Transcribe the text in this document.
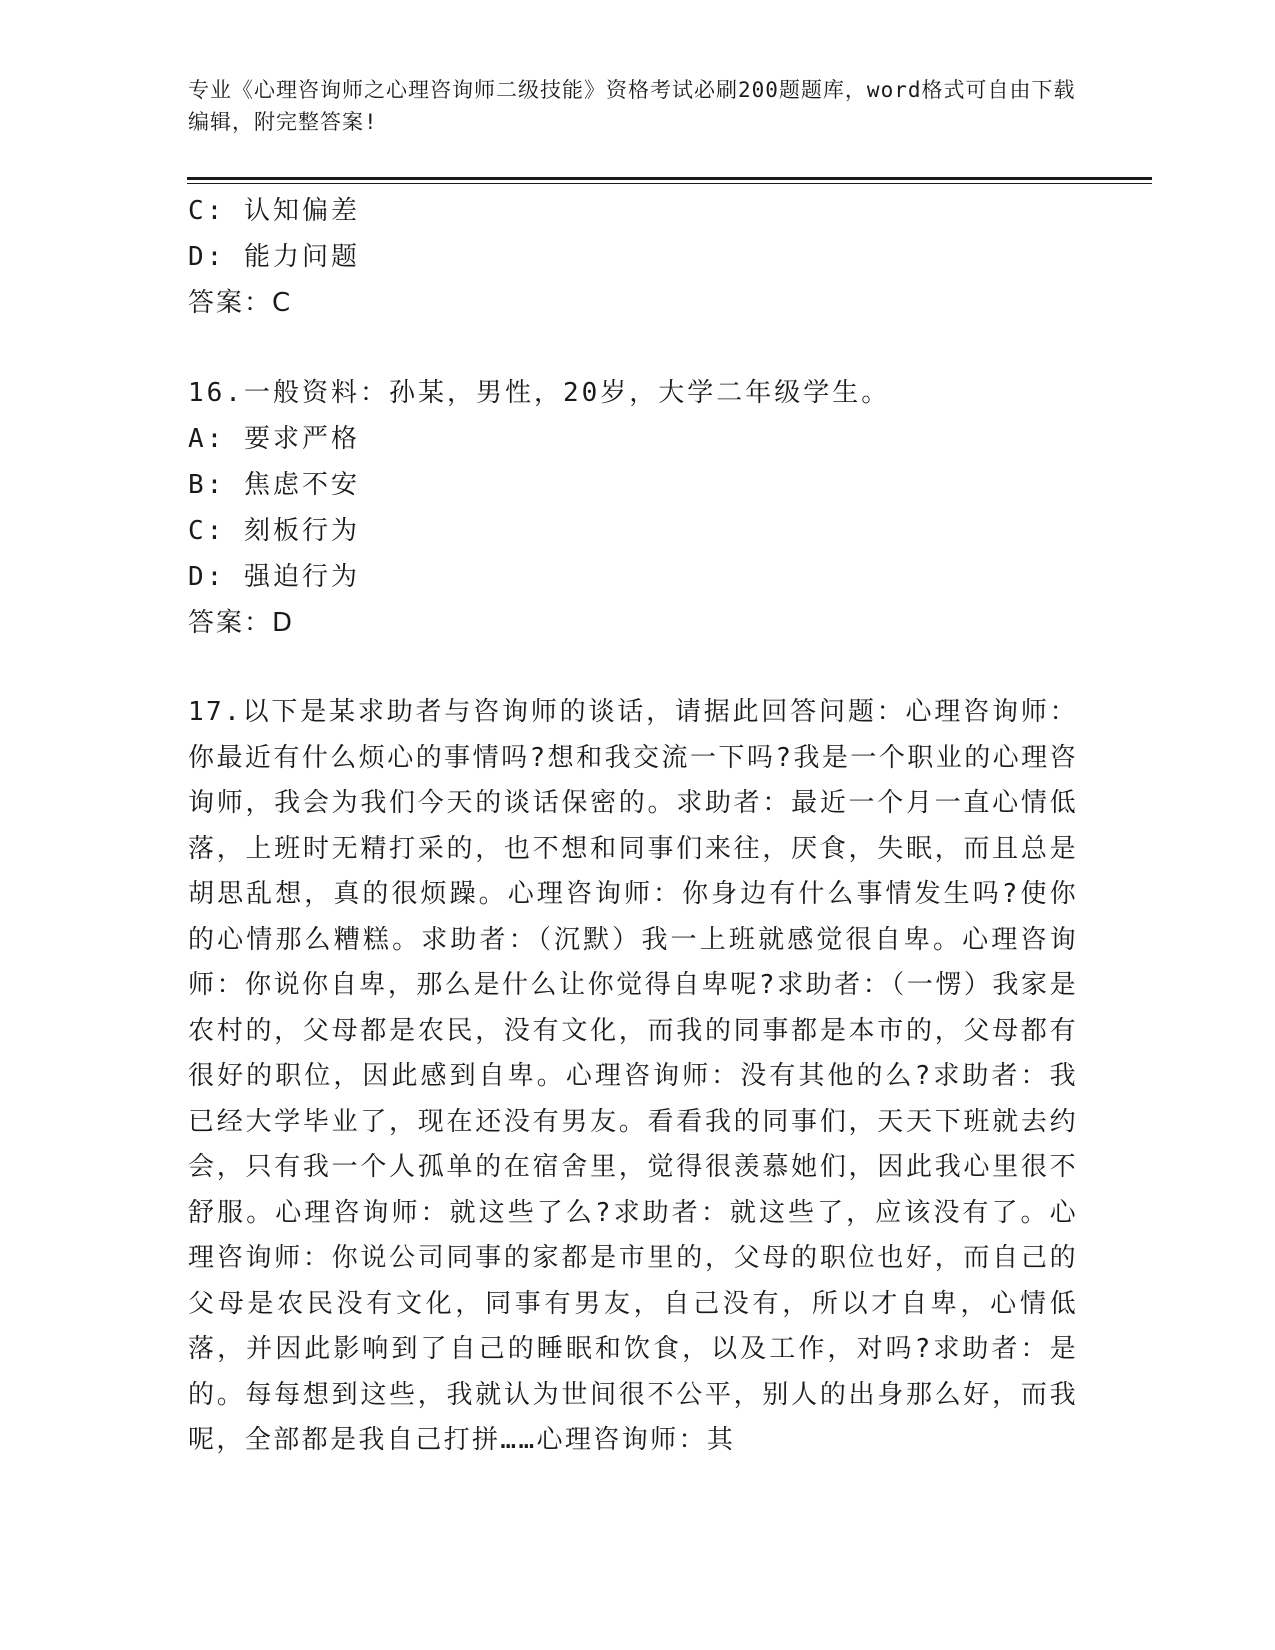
专业《心理咨询师之心理咨询师二级技能》资格考试必刷200题题库，word格式可自由下载编辑，附完整答案!
C: 认知偏差
D: 能力问题
答案：C
16.一般资料：孙某，男性，20岁，大学二年级学生。
A: 要求严格
B: 焦虑不安
C: 刻板行为
D: 强迫行为
答案：D
17.以下是某求助者与咨询师的谈话，请据此回答问题：心理咨询师：你最近有什么烦心的事情吗?想和我交流一下吗?我是一个职业的心理咨询师，我会为我们今天的谈话保密的。求助者：最近一个月一直心情低落，上班时无精打采的，也不想和同事们来往，厌食，失眠，而且总是胡思乱想，真的很烦躁。心理咨询师：你身边有什么事情发生吗?使你的心情那么糟糕。求助者：（沉默）我一上班就感觉很自卑。心理咨询师：你说你自卑，那么是什么让你觉得自卑呢?求助者：（一愣）我家是农村的，父母都是农民，没有文化，而我的同事都是本市的，父母都有很好的职位，因此感到自卑。心理咨询师：没有其他的么?求助者：我已经大学毕业了，现在还没有男友。看看我的同事们，天天下班就去约会，只有我一个人孤单的在宿舍里，觉得很羡慕她们，因此我心里很不舒服。心理咨询师：就这些了么?求助者：就这些了，应该没有了。心理咨询师：你说公司同事的家都是市里的，父母的职位也好，而自己的父母是农民没有文化，同事有男友，自己没有，所以才自卑，心情低落，并因此影响到了自己的睡眠和饮食，以及工作，对吗?求助者：是的。每每想到这些，我就认为世间很不公平，别人的出身那么好，而我呢，全部都是我自己打拼……心理咨询师：其
